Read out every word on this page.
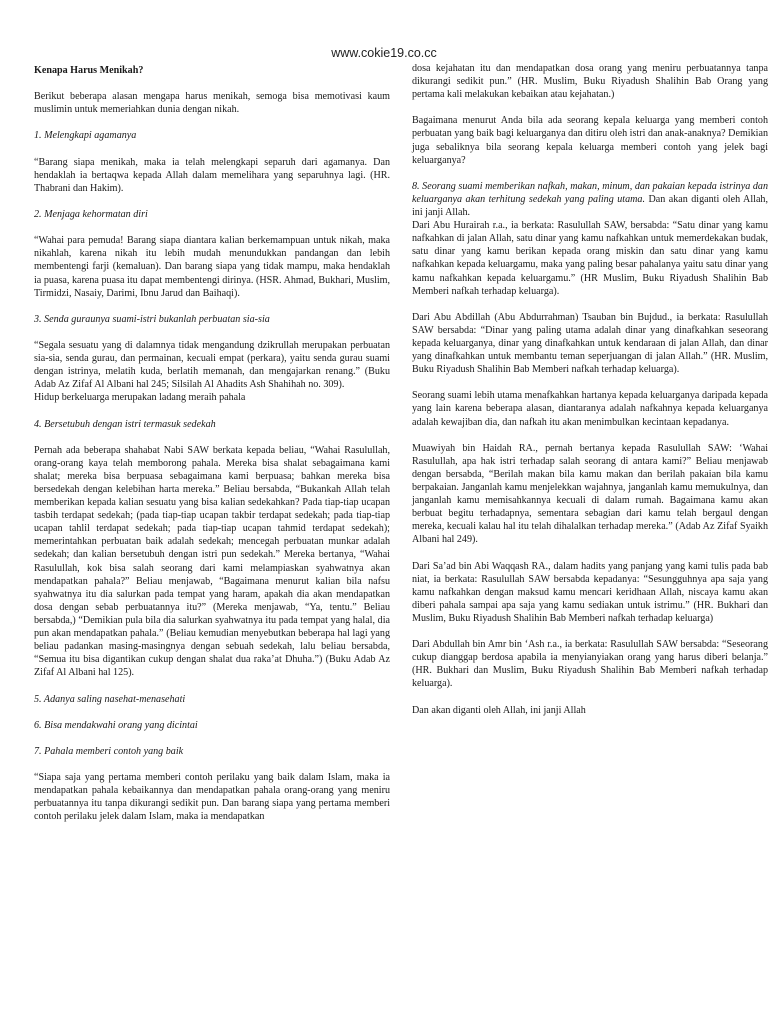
www.cokie19.co.cc

Kenapa Harus Menikah?

Berikut beberapa alasan mengapa harus menikah, semoga bisa memotivasi kaum muslimin untuk memeriahkan dunia dengan nikah.

1. Melengkapi agamanya

“Barang siapa menikah, maka ia telah melengkapi separuh dari agamanya. Dan hendaklah ia bertaqwa kepada Allah dalam memelihara yang separuhnya lagi. (HR. Thabrani dan Hakim).

2. Menjaga kehormatan diri

“Wahai para pemuda! Barang siapa diantara kalian berkemampuan untuk nikah, maka nikahlah, karena nikah itu lebih mudah menundukkan pandangan dan lebih membentengi farji (kemaluan). Dan barang siapa yang tidak mampu, maka hendaklah ia puasa, karena puasa itu dapat membentengi dirinya. (HSR. Ahmad, Bukhari, Muslim, Tirmidzi, Nasaiy, Darimi, Ibnu Jarud dan Baihaqi).

3. Senda guraunya suami-istri bukanlah perbuatan sia-sia

“Segala sesuatu yang di dalamnya tidak mengandung dzikrullah merupakan perbuatan sia-sia, senda gurau, dan permainan, kecuali empat (perkara), yaitu senda gurau suami dengan istrinya, melatih kuda, berlatih memanah, dan mengajarkan renang.” (Buku Adab Az Zifaf Al Albani hal 245; Silsilah Al Ahadits Ash Shahihah no. 309).

Hidup berkeluarga merupakan ladang meraih pahala

4. Bersetubuh dengan istri termasuk sedekah

Pernah ada beberapa shahabat Nabi SAW berkata kepada beliau, “Wahai Rasulullah, orang-orang kaya telah memborong pahala. Mereka bisa shalat sebagaimana kami shalat; mereka bisa berpuasa sebagaimana kami berpuasa; bahkan mereka bisa bersedekah dengan kelebihan harta mereka.” Beliau bersabda, “Bukankah Allah telah memberikan kepada kalian sesuatu yang bisa kalian sedekahkan? Pada tiap-tiap ucapan tasbih terdapat sedekah; (pada tiap-tiap ucapan takbir terdapat sedekah; pada tiap-tiap ucapan tahlil terdapat sedekah; pada tiap-tiap ucapan tahmid terdapat sedekah); memerintahkan perbuatan baik adalah sedekah; mencegah perbuatan munkar adalah sedekah; dan kalian bersetubuh dengan istri pun sedekah.” Mereka bertanya, “Wahai Rasulullah, kok bisa salah seorang dari kami melampiaskan syahwatnya akan mendapatkan pahala?” Beliau menjawab, “Bagaimana menurut kalian bila nafsu syahwatnya itu dia salurkan pada tempat yang haram, apakah dia akan mendapatkan dosa dengan sebab perbuatannya itu?” (Mereka menjawab, “Ya, tentu.” Beliau bersabda,) “Demikian pula bila dia salurkan syahwatnya itu pada tempat yang halal, dia pun akan mendapatkan pahala.” (Beliau kemudian menyebutkan beberapa hal lagi yang beliau padankan masing-masingnya dengan sebuah sedekah, lalu beliau bersabda, “Semua itu bisa digantikan cukup dengan shalat dua raka’at Dhuha.”) (Buku Adab Az Zifaf Al Albani hal 125).

5. Adanya saling nasehat-menasehati

6. Bisa mendakwahi orang yang dicintai

7. Pahala memberi contoh yang baik

“Siapa saja yang pertama memberi contoh perilaku yang baik dalam Islam, maka ia mendapatkan pahala kebaikannya dan mendapatkan pahala orang-orang yang meniru perbuatannya itu tanpa dikurangi sedikit pun. Dan barang siapa yang pertama memberi contoh perilaku jelek dalam Islam, maka ia mendapatkan

dosa kejahatan itu dan mendapatkan dosa orang yang meniru perbuatannya tanpa dikurangi sedikit pun.” (HR. Muslim, Buku Riyadush Shalihin Bab Orang yang pertama kali melakukan kebaikan atau kejahatan.)

Bagaimana menurut Anda bila ada seorang kepala keluarga yang memberi contoh perbuatan yang baik bagi keluarganya dan ditiru oleh istri dan anak-anaknya? Demikian juga sebaliknya bila seorang kepala keluarga memberi contoh yang jelek bagi keluarganya?

8. Seorang suami memberikan nafkah, makan, minum, dan pakaian kepada istrinya dan keluarganya akan terhitung sedekah yang paling utama. Dan akan diganti oleh Allah, ini janji Allah.

Dari Abu Hurairah r.a., ia berkata: Rasulullah SAW, bersabda: “Satu dinar yang kamu nafkahkan di jalan Allah, satu dinar yang kamu nafkahkan untuk memerdekakan budak, satu dinar yang kamu berikan kepada orang miskin dan satu dinar yang kamu nafkahkan kepada keluargamu, maka yang paling besar pahalanya yaitu satu dinar yang kamu nafkahkan kepada keluargamu.” (HR Muslim, Buku Riyadush Shalihin Bab Memberi nafkah terhadap keluarga).

Dari Abu Abdillah (Abu Abdurrahman) Tsauban bin Bujdud., ia berkata: Rasulullah SAW bersabda: “Dinar yang paling utama adalah dinar yang dinafkahkan seseorang kepada keluarganya, dinar yang dinafkahkan untuk kendaraan di jalan Allah, dan dinar yang dinafkahkan untuk membantu teman seperjuangan di jalan Allah.” (HR. Muslim, Buku Riyadush Shalihin Bab Memberi nafkah terhadap keluarga).

Seorang suami lebih utama menafkahkan hartanya kepada keluarganya daripada kepada yang lain karena beberapa alasan, diantaranya adalah nafkahnya kepada keluarganya adalah kewajiban dia, dan nafkah itu akan menimbulkan kecintaan kepadanya.

Muawiyah bin Haidah RA., pernah bertanya kepada Rasulullah SAW: ‘Wahai Rasulullah, apa hak istri terhadap salah seorang di antara kami?” Beliau menjawab dengan bersabda, “Berilah makan bila kamu makan dan berilah pakaian bila kamu berpakaian. Janganlah kamu menjelekkan wajahnya, janganlah kamu memukulnya, dan janganlah kamu memisahkannya kecuali di dalam rumah. Bagaimana kamu akan berbuat begitu terhadapnya, sementara sebagian dari kamu telah bergaul dengan mereka, kecuali kalau hal itu telah dihalalkan terhadap mereka.” (Adab Az Zifaf Syaikh Albani hal 249).

Dari Sa’ad bin Abi Waqqash RA., dalam hadits yang panjang yang kami tulis pada bab niat, ia berkata: Rasulullah SAW bersabda kepadanya: “Sesungguhnya apa saja yang kamu nafkahkan dengan maksud kamu mencari keridhaan Allah, niscaya kamu akan diberi pahala sampai apa saja yang kamu sediakan untuk istrimu.” (HR. Bukhari dan Muslim, Buku Riyadush Shalihin Bab Memberi nafkah terhadap keluarga)

Dari Abdullah bin Amr bin ‘Ash r.a., ia berkata: Rasulullah SAW bersabda: “Seseorang cukup dianggap berdosa apabila ia menyianyiakan orang yang harus diberi belanja.” (HR. Bukhari dan Muslim, Buku Riyadush Shalihin Bab Memberi nafkah terhadap keluarga).

Dan akan diganti oleh Allah, ini janji Allah
